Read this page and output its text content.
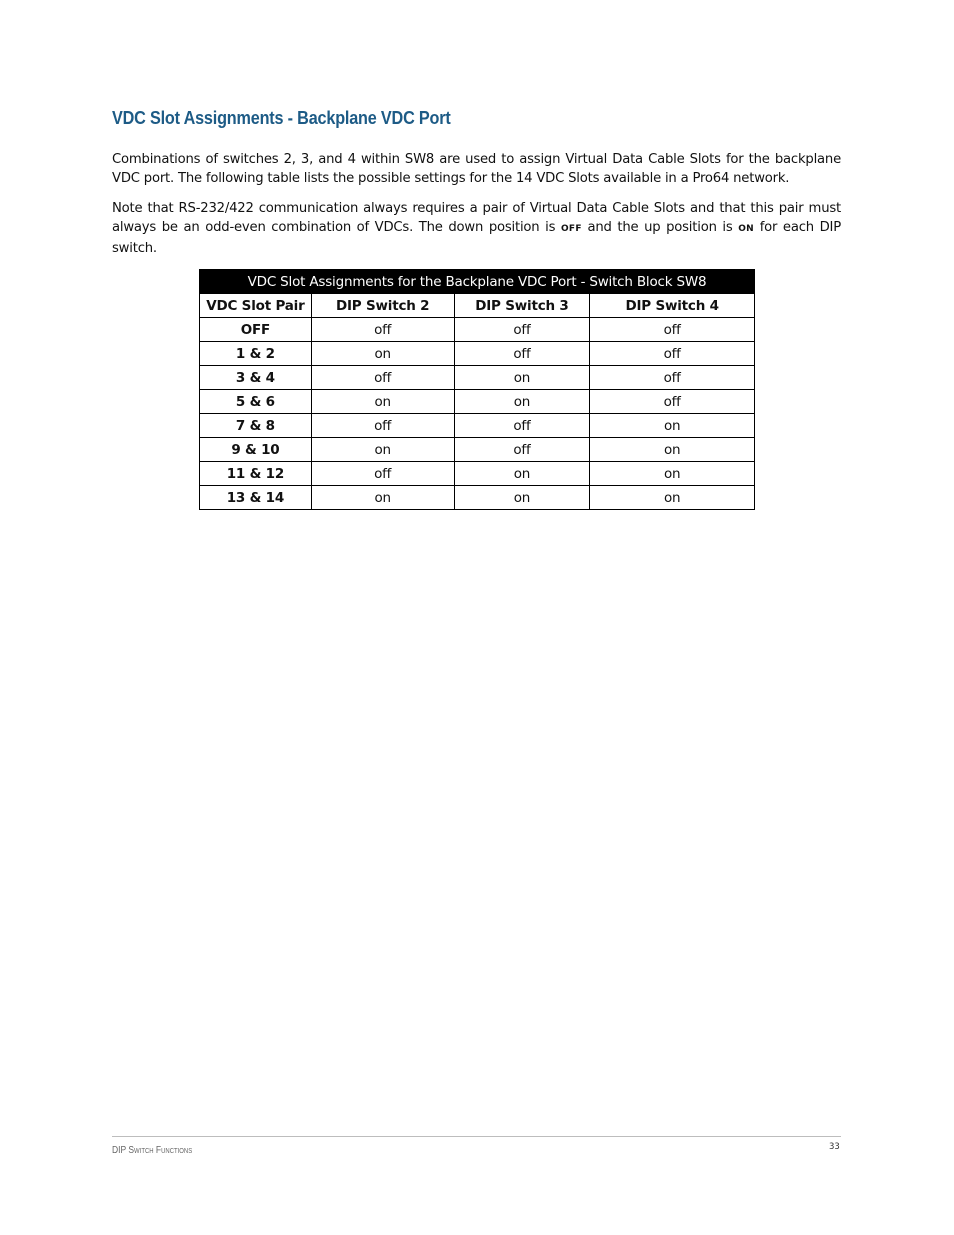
VDC Slot Assignments - Backplane VDC Port

Combinations of switches 2, 3, and 4 within SW8 are used to assign Virtual Data Cable Slots for the backplane VDC port. The following table lists the possible settings for the 14 VDC Slots available in a Pro64 network.

Note that RS-232/422 communication always requires a pair of Virtual Data Cable Slots and that this pair must always be an odd-even combination of VDCs. The down position is OFF and the up position is ON for each DIP switch.

VDC Slot Assignments for the Backplane VDC Port - Switch Block SW8			
VDC Slot Pair	DIP Switch 2	DIP Switch 3	DIP Switch 4
OFF	off	off	off
1 & 2	on	off	off
3 & 4	off	on	off
5 & 6	on	on	off
7 & 8	off	off	on
9 & 10	on	off	on
11 & 12	off	on	on
13 & 14	on	on	on
DIP Switch Functions	33
